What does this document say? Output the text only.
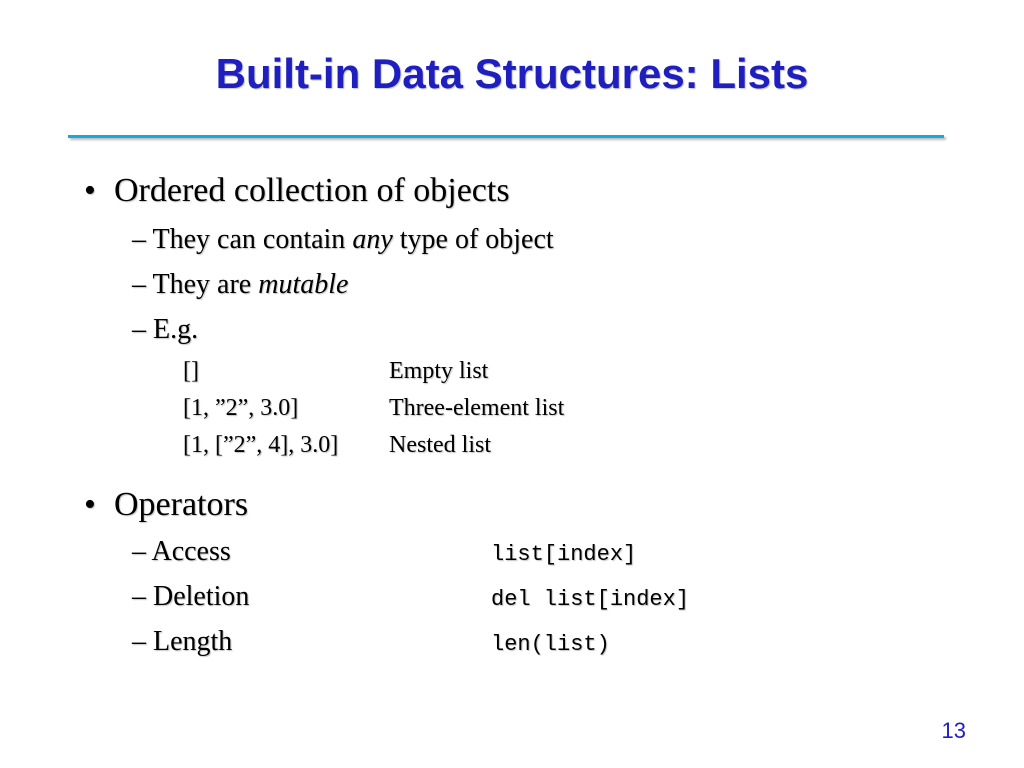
Built-in Data Structures: Lists
• Ordered collection of objects
– They can contain any type of object
– They are mutable
– E.g.
[]	Empty list
[1, ”2”, 3.0]	Three-element list
[1, [”2”, 4], 3.0] Nested list
• Operators
– Access	list[index]
– Deletion	del list[index]
– Length	len(list)
13
